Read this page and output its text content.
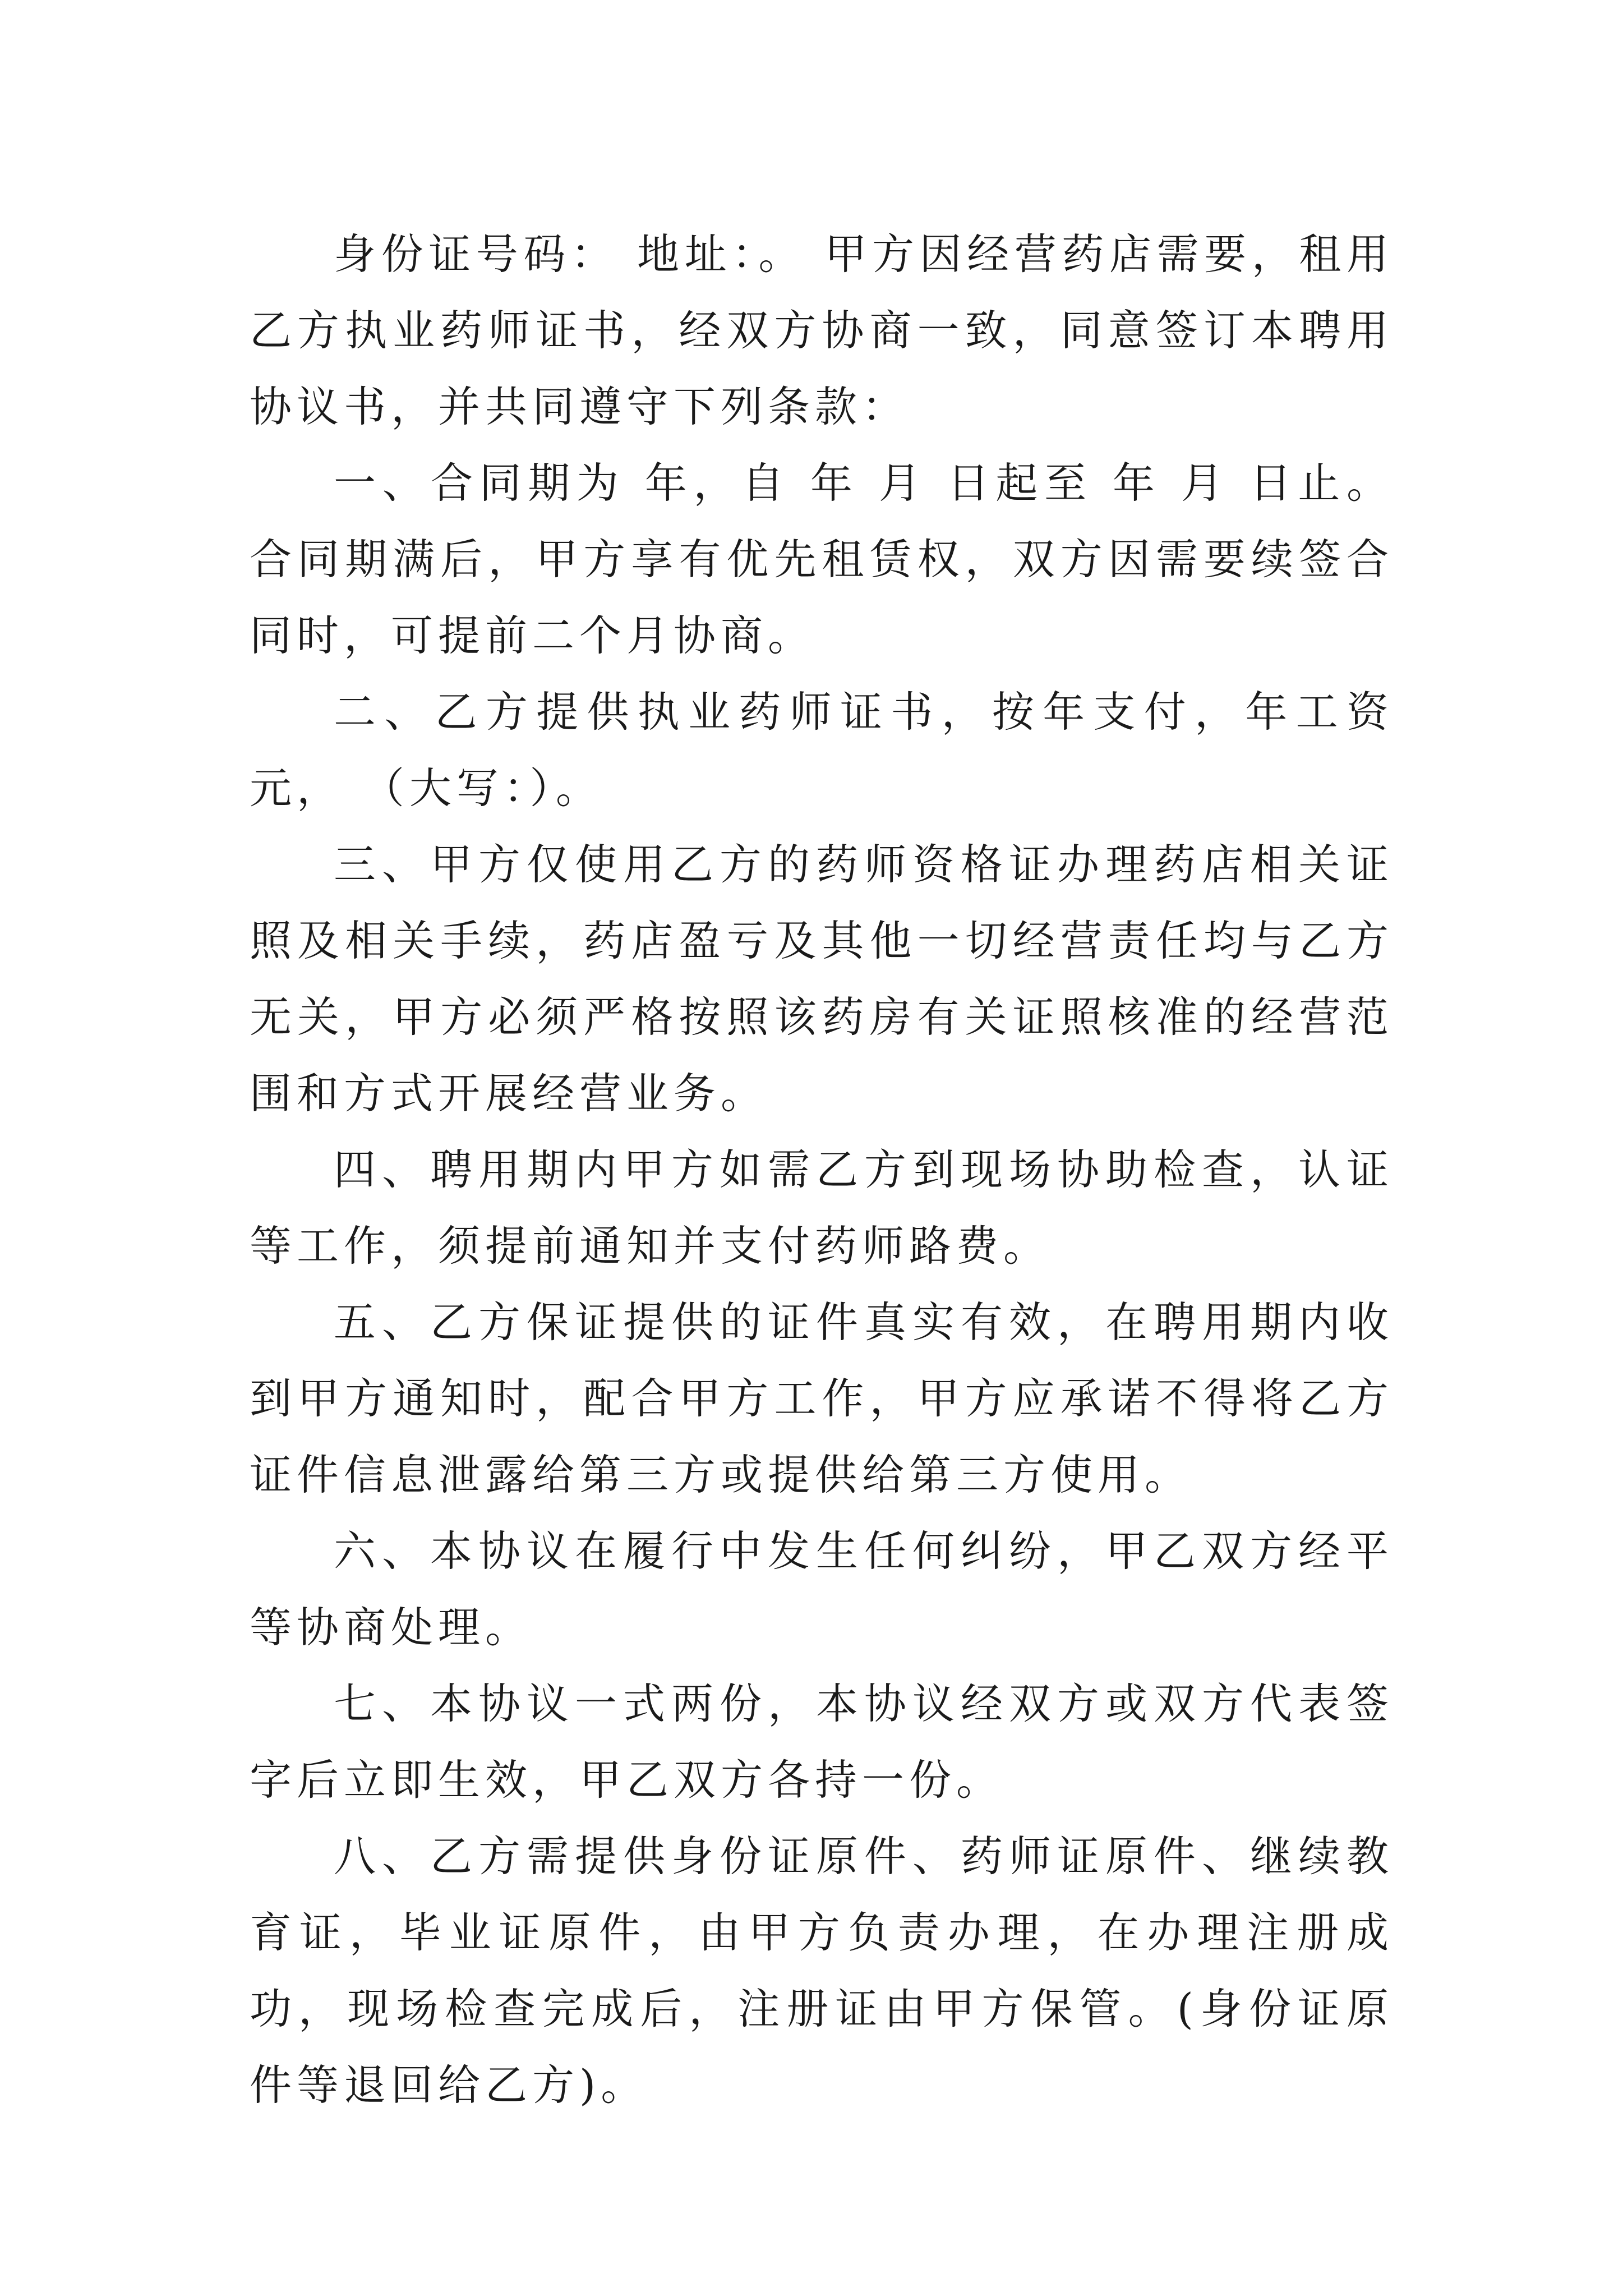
身份证号码： 地址：。 甲方因经营药店需要，租用乙方执业药师证书，经双方协商一致，同意签订本聘用协议书，并共同遵守下列条款：

一、合同期为 年，自 年 月 日起至 年 月 日止。合同期满后，甲方享有优先租赁权，双方因需要续签合同时，可提前二个月协商。

二、乙方提供执业药师证书，按年支付，年工资元， （大写：）。

三、甲方仅使用乙方的药师资格证办理药店相关证照及相关手续，药店盈亏及其他一切经营责任均与乙方无关，甲方必须严格按照该药房有关证照核准的经营范围和方式开展经营业务。

四、聘用期内甲方如需乙方到现场协助检查，认证等工作，须提前通知并支付药师路费。

五、乙方保证提供的证件真实有效，在聘用期内收到甲方通知时，配合甲方工作，甲方应承诺不得将乙方证件信息泄露给第三方或提供给第三方使用。

六、本协议在履行中发生任何纠纷，甲乙双方经平等协商处理。

七、本协议一式两份，本协议经双方或双方代表签字后立即生效，甲乙双方各持一份。

八、乙方需提供身份证原件、药师证原件、继续教育证，毕业证原件，由甲方负责办理，在办理注册成功，现场检查完成后，注册证由甲方保管。(身份证原件等退回给乙方)。
